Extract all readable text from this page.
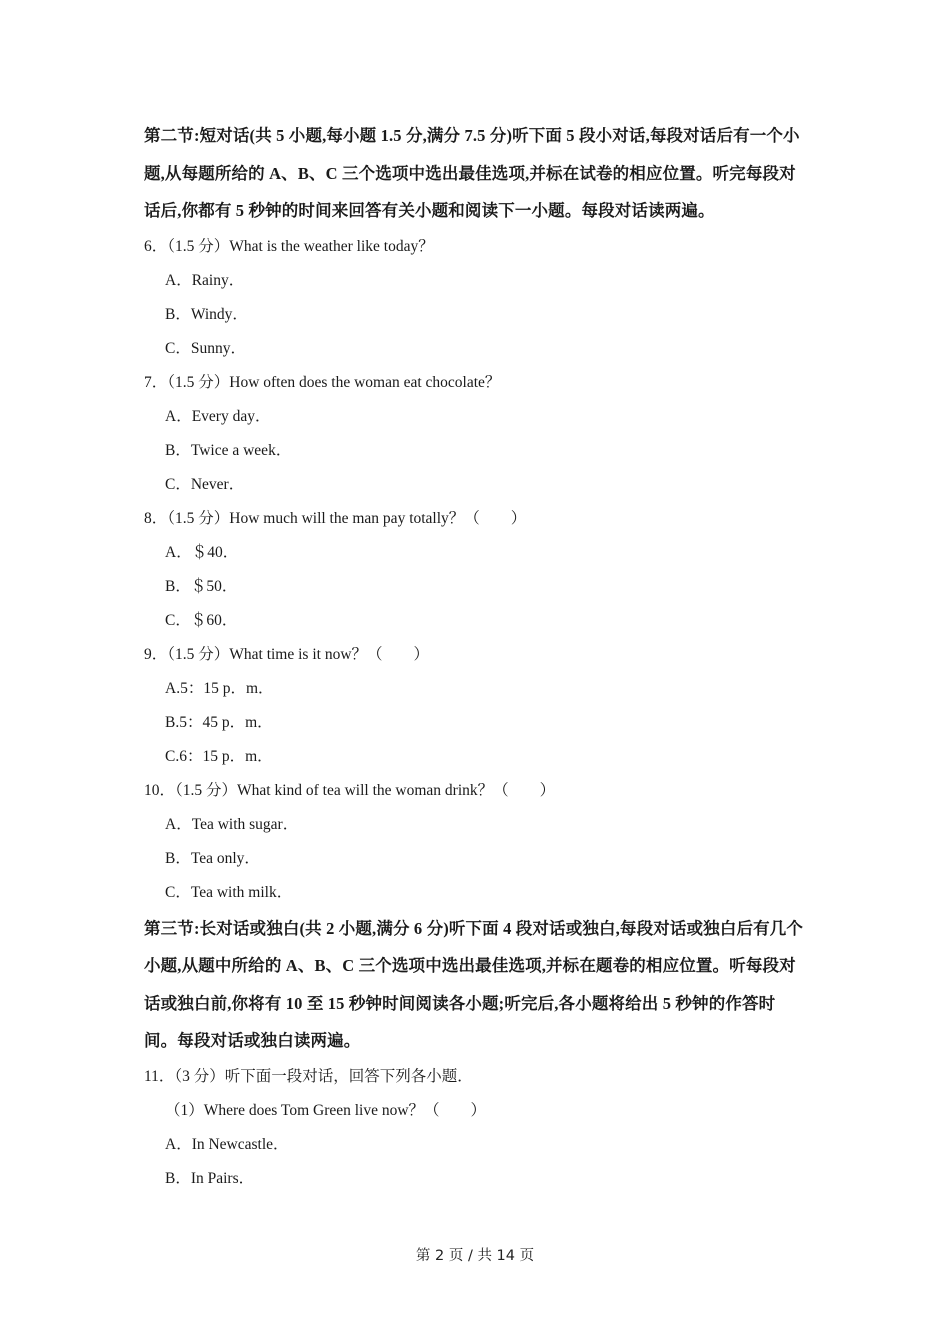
第二节:短对话(共 5 小题,每小题 1.5 分,满分 7.5 分)听下面 5 段小对话,每段对话后有一个小题,从每题所给的 A、B、C 三个选项中选出最佳选项,并标在试卷的相应位置。听完每段对话后,你都有 5 秒钟的时间来回答有关小题和阅读下一小题。每段对话读两遍。

6．（1.5 分）What is the weather like today？
A．Rainy．
B．Windy．
C．Sunny．
7．（1.5 分）How often does the woman eat chocolate？
A．Every day．
B．Twice a week．
C．Never．
8．（1.5 分）How much will the man pay totally？（　　）
A．＄40．
B．＄50．
C．＄60．
9．（1.5 分）What time is it now？（　　）
A.5：15 p．m．
B.5：45 p．m．
C.6：15 p．m．
10．（1.5 分）What kind of tea will the woman drink？（　　）
A．Tea with sugar．
B．Tea only．
C．Tea with milk．

第三节:长对话或独白(共 2 小题,满分 6 分)听下面 4 段对话或独白,每段对话或独白后有几个小题,从题中所给的 A、B、C 三个选项中选出最佳选项,并标在题卷的相应位置。听每段对话或独白前,你将有 10 至 15 秒钟时间阅读各小题;听完后,各小题将给出 5 秒钟的作答时间。每段对话或独白读两遍。

11．（3 分）听下面一段对话，回答下列各小题．
（1）Where does Tom Green live now？（　　）
A．In Newcastle．
B．In Pairs．
第 2 页 / 共 14 页
